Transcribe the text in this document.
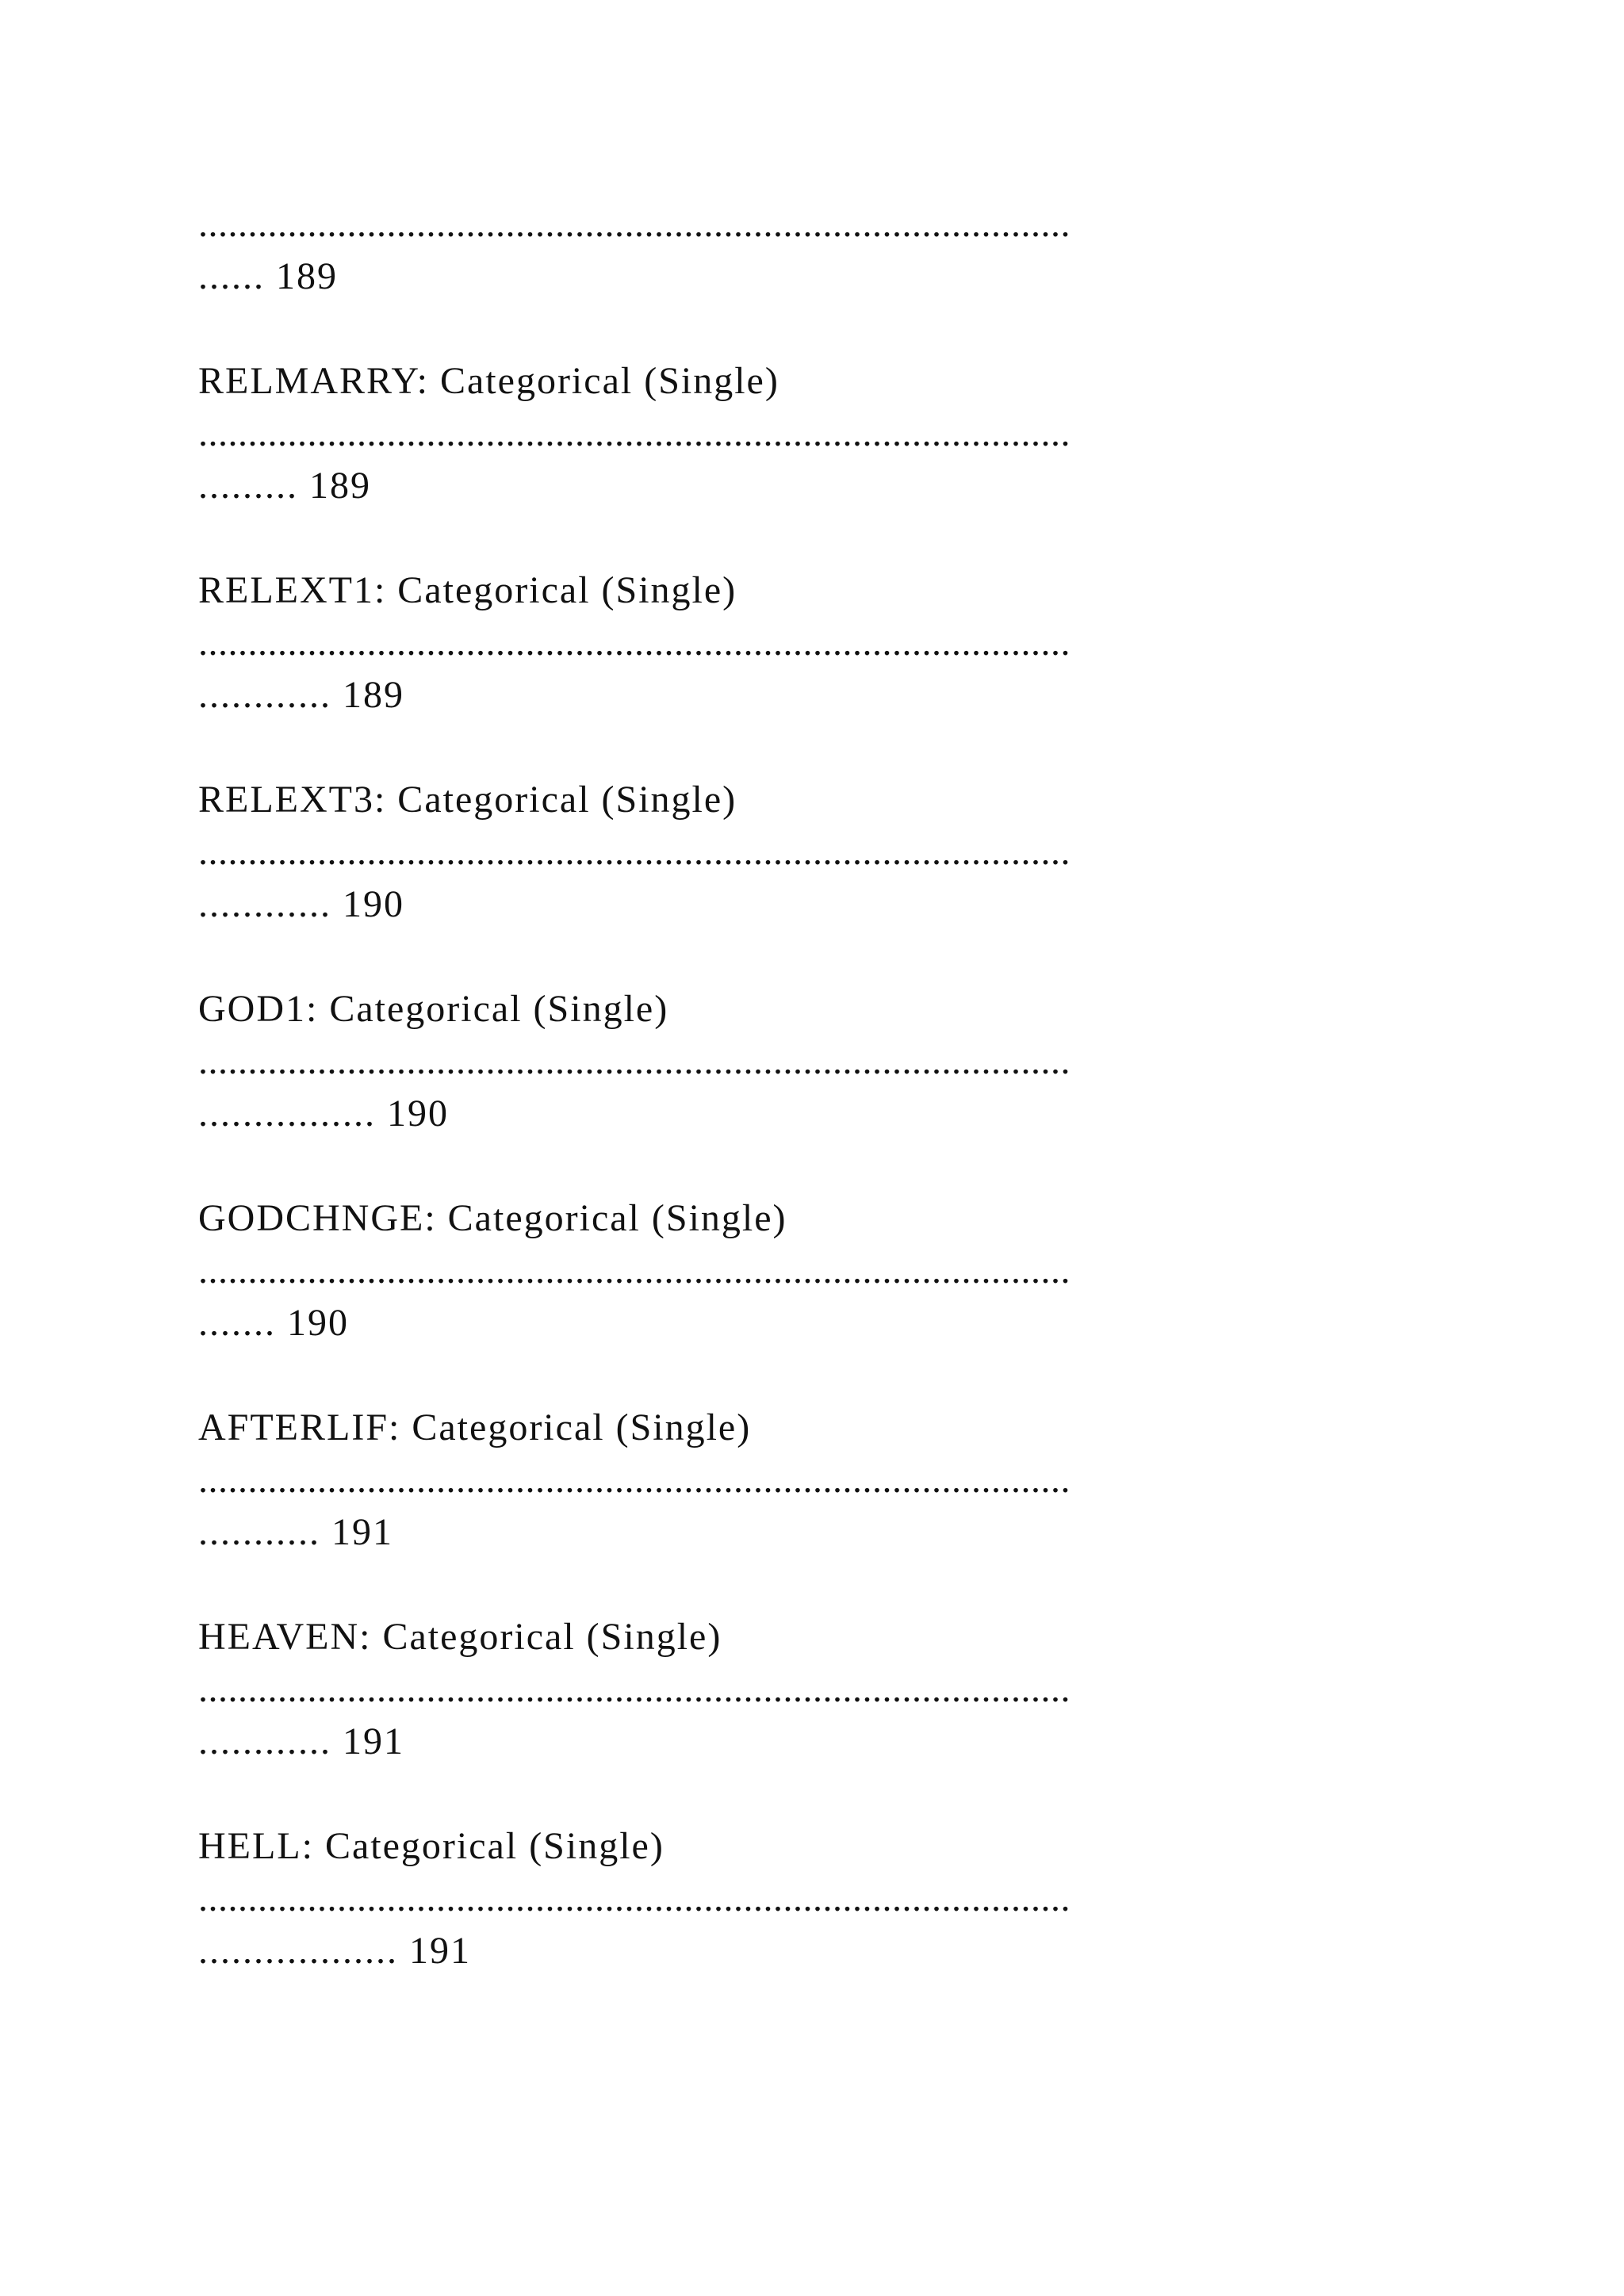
........................................................................................

...... 189

RELMARRY: Categorical (Single)

........................................................................................

......... 189

RELEXT1: Categorical (Single)

........................................................................................

............ 189

RELEXT3: Categorical (Single)

........................................................................................

............ 190

GOD1: Categorical (Single)

........................................................................................

................ 190

GODCHNGE: Categorical (Single)

........................................................................................

....... 190

AFTERLIF: Categorical (Single)

........................................................................................

........... 191

HEAVEN: Categorical (Single)

........................................................................................

............ 191

HELL: Categorical (Single)

........................................................................................

.................. 191
